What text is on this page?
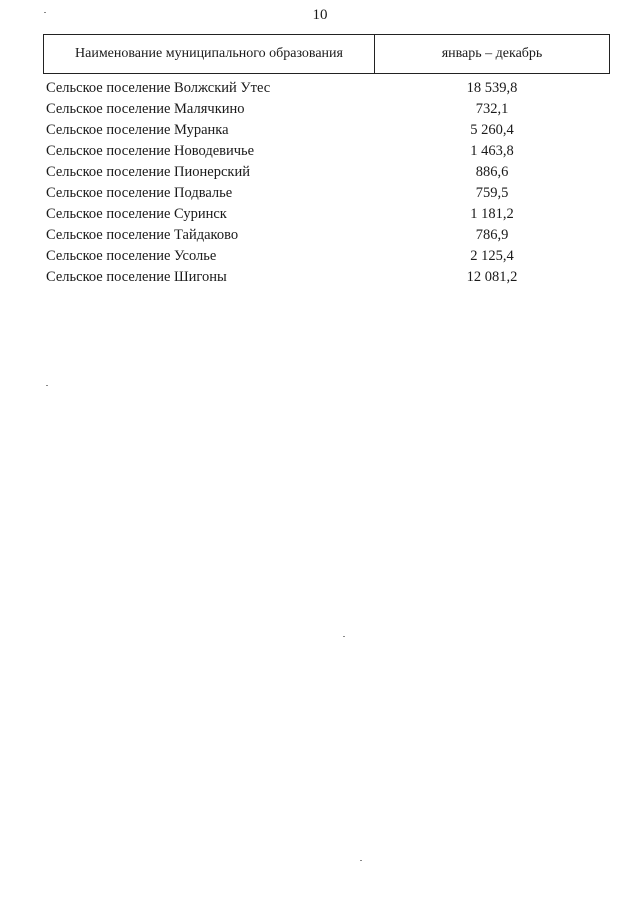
10
Наименование муниципального образования	январь – декабрь
Сельское поселение Волжский Утес	18 539,8
Сельское поселение Малячкино	732,1
Сельское поселение Муранка	5 260,4
Сельское поселение Новодевичье	1 463,8
Сельское поселение Пионерский	886,6
Сельское поселение Подвалье	759,5
Сельское поселение Суринск	1 181,2
Сельское поселение Тайдаково	786,9
Сельское поселение Усолье	2 125,4
Сельское поселение Шигоны	12 081,2
